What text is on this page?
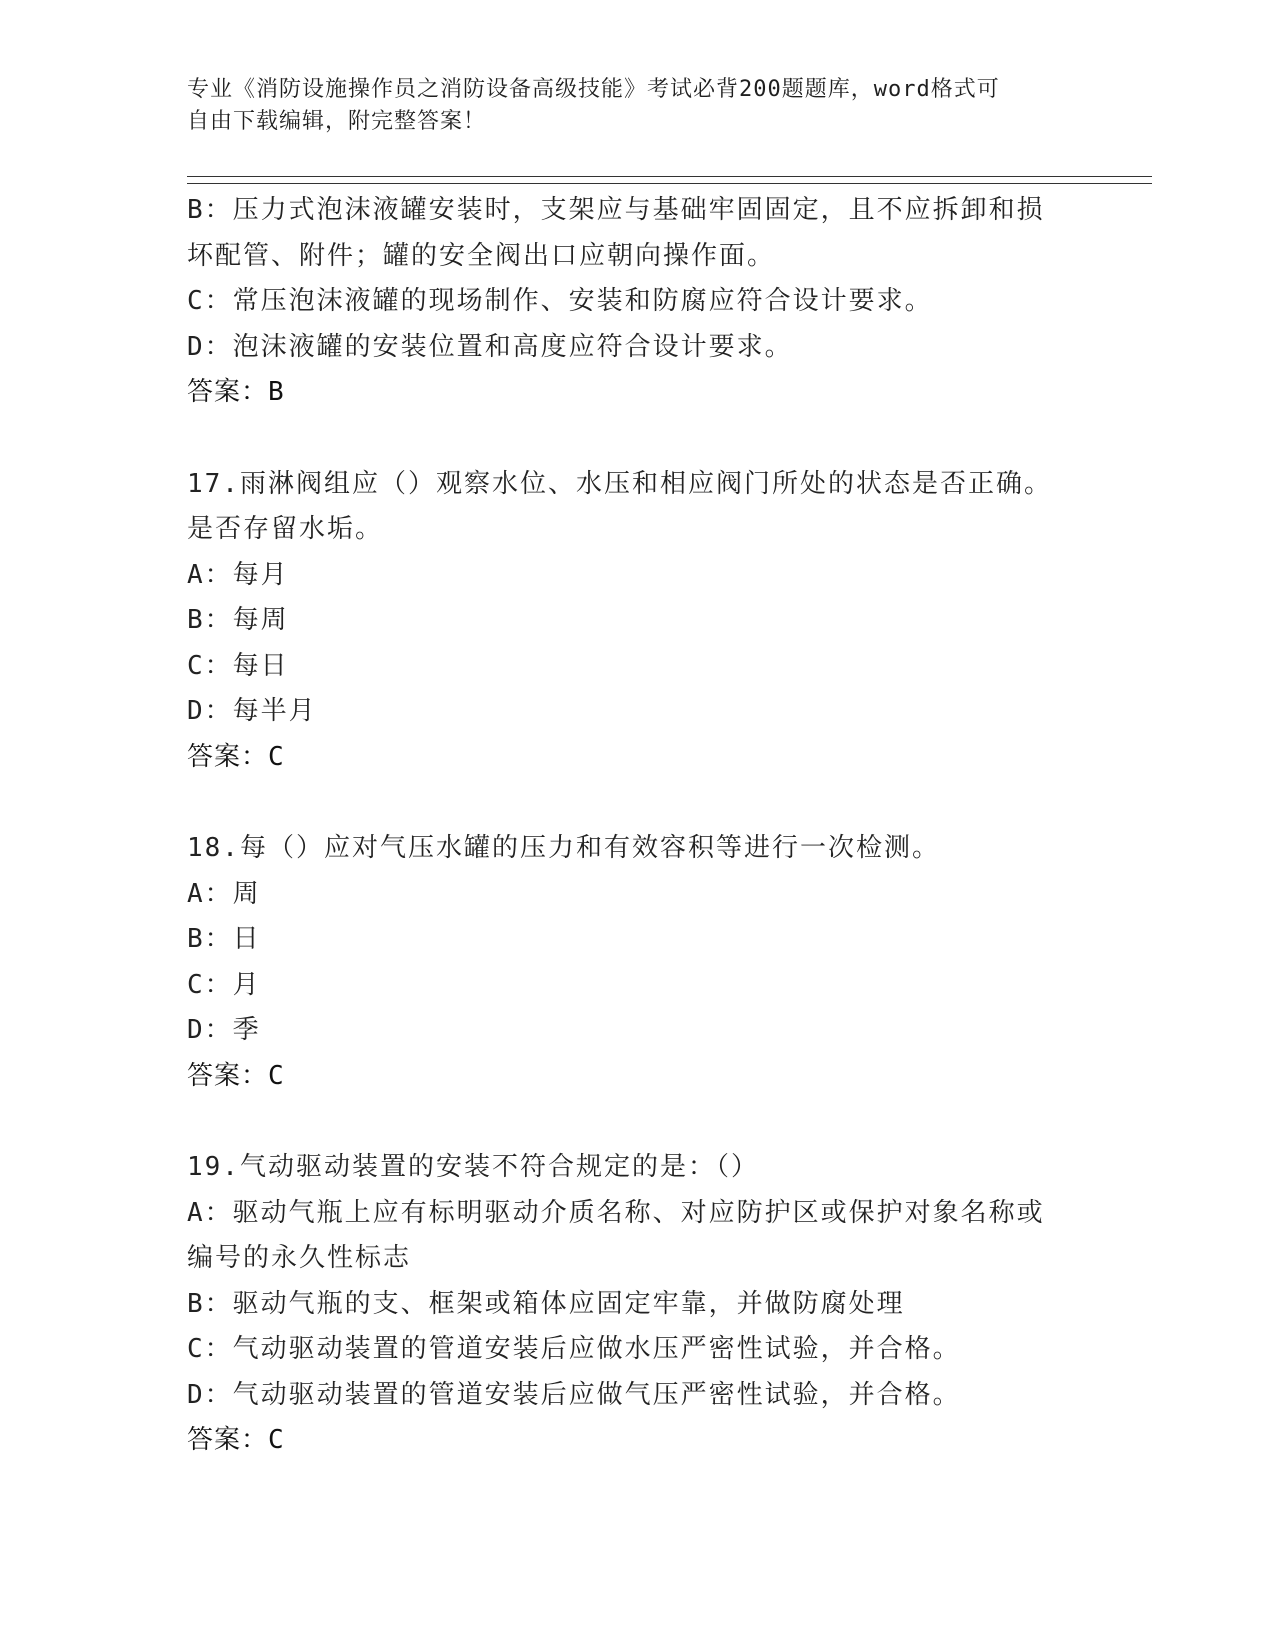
专业《消防设施操作员之消防设备高级技能》考试必背200题题库，word格式可
自由下载编辑，附完整答案！
B：压力式泡沫液罐安装时，支架应与基础牢固固定，且不应拆卸和损
坏配管、附件；罐的安全阀出口应朝向操作面。
C：常压泡沫液罐的现场制作、安装和防腐应符合设计要求。
D：泡沫液罐的安装位置和高度应符合设计要求。
答案：B
17.雨淋阀组应（）观察水位、水压和相应阀门所处的状态是否正确。
是否存留水垢。
A：每月
B：每周
C：每日
D：每半月
答案：C
18.每（）应对气压水罐的压力和有效容积等进行一次检测。
A：周
B：日
C：月
D：季
答案：C
19.气动驱动装置的安装不符合规定的是：（）
A：驱动气瓶上应有标明驱动介质名称、对应防护区或保护对象名称或
编号的永久性标志
B：驱动气瓶的支、框架或箱体应固定牢靠，并做防腐处理
C：气动驱动装置的管道安装后应做水压严密性试验，并合格。
D：气动驱动装置的管道安装后应做气压严密性试验，并合格。
答案：C
